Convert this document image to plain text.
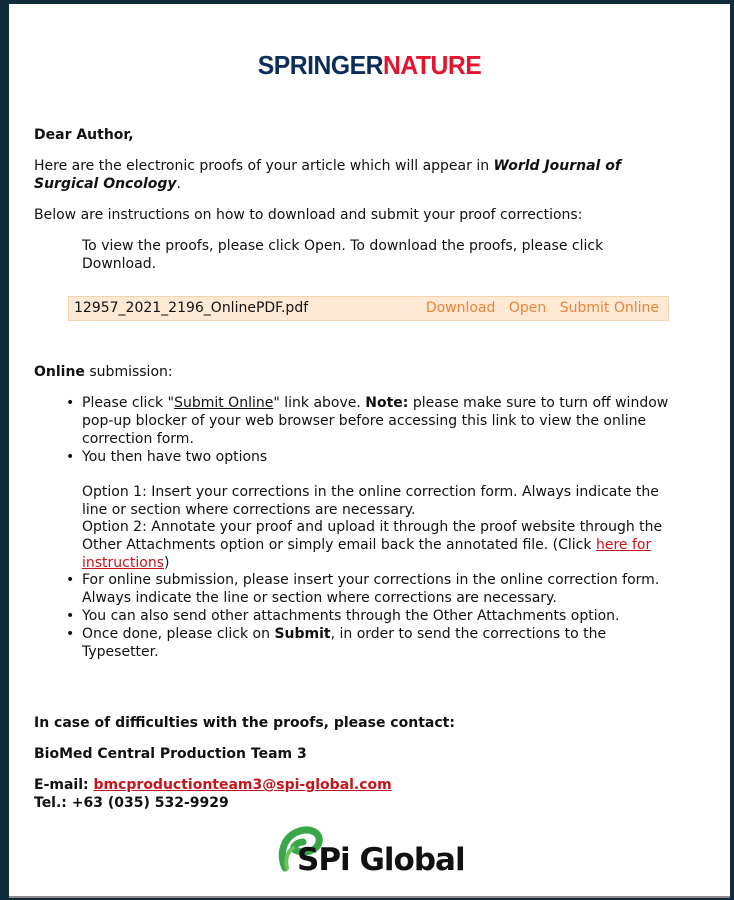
SPRINGERNATURE
Dear Author,
Here are the electronic proofs of your article which will appear in World Journal of
Surgical Oncology.
Below are instructions on how to download and submit your proof corrections:
To view the proofs, please click Open. To download the proofs, please click
Download.
12957_2021_2196_OnlinePDF.pdf	Download Open Submit Online
Online submission:
• Please click "Submit Online" link above. Note: please make sure to turn off window
pop-up blocker of your web browser before accessing this link to view the online
correction form.
• You then have two options
Option 1: Insert your corrections in the online correction form. Always indicate the
line or section where corrections are necessary.
Option 2: Annotate your proof and upload it through the proof website through the
Other Attachments option or simply email back the annotated file. (Click here for
instructions)
• For online submission, please insert your corrections in the online correction form.
Always indicate the line or section where corrections are necessary.
• You can also send other attachments through the Other Attachments option.
• Once done, please click on Submit, in order to send the corrections to the
Typesetter.
In case of difficulties with the proofs, please contact:
BioMed Central Production Team 3
E-mail: bmcproductionteam3@spi-global.com
Tel.: +63 (035) 532-9929
SPi Global
